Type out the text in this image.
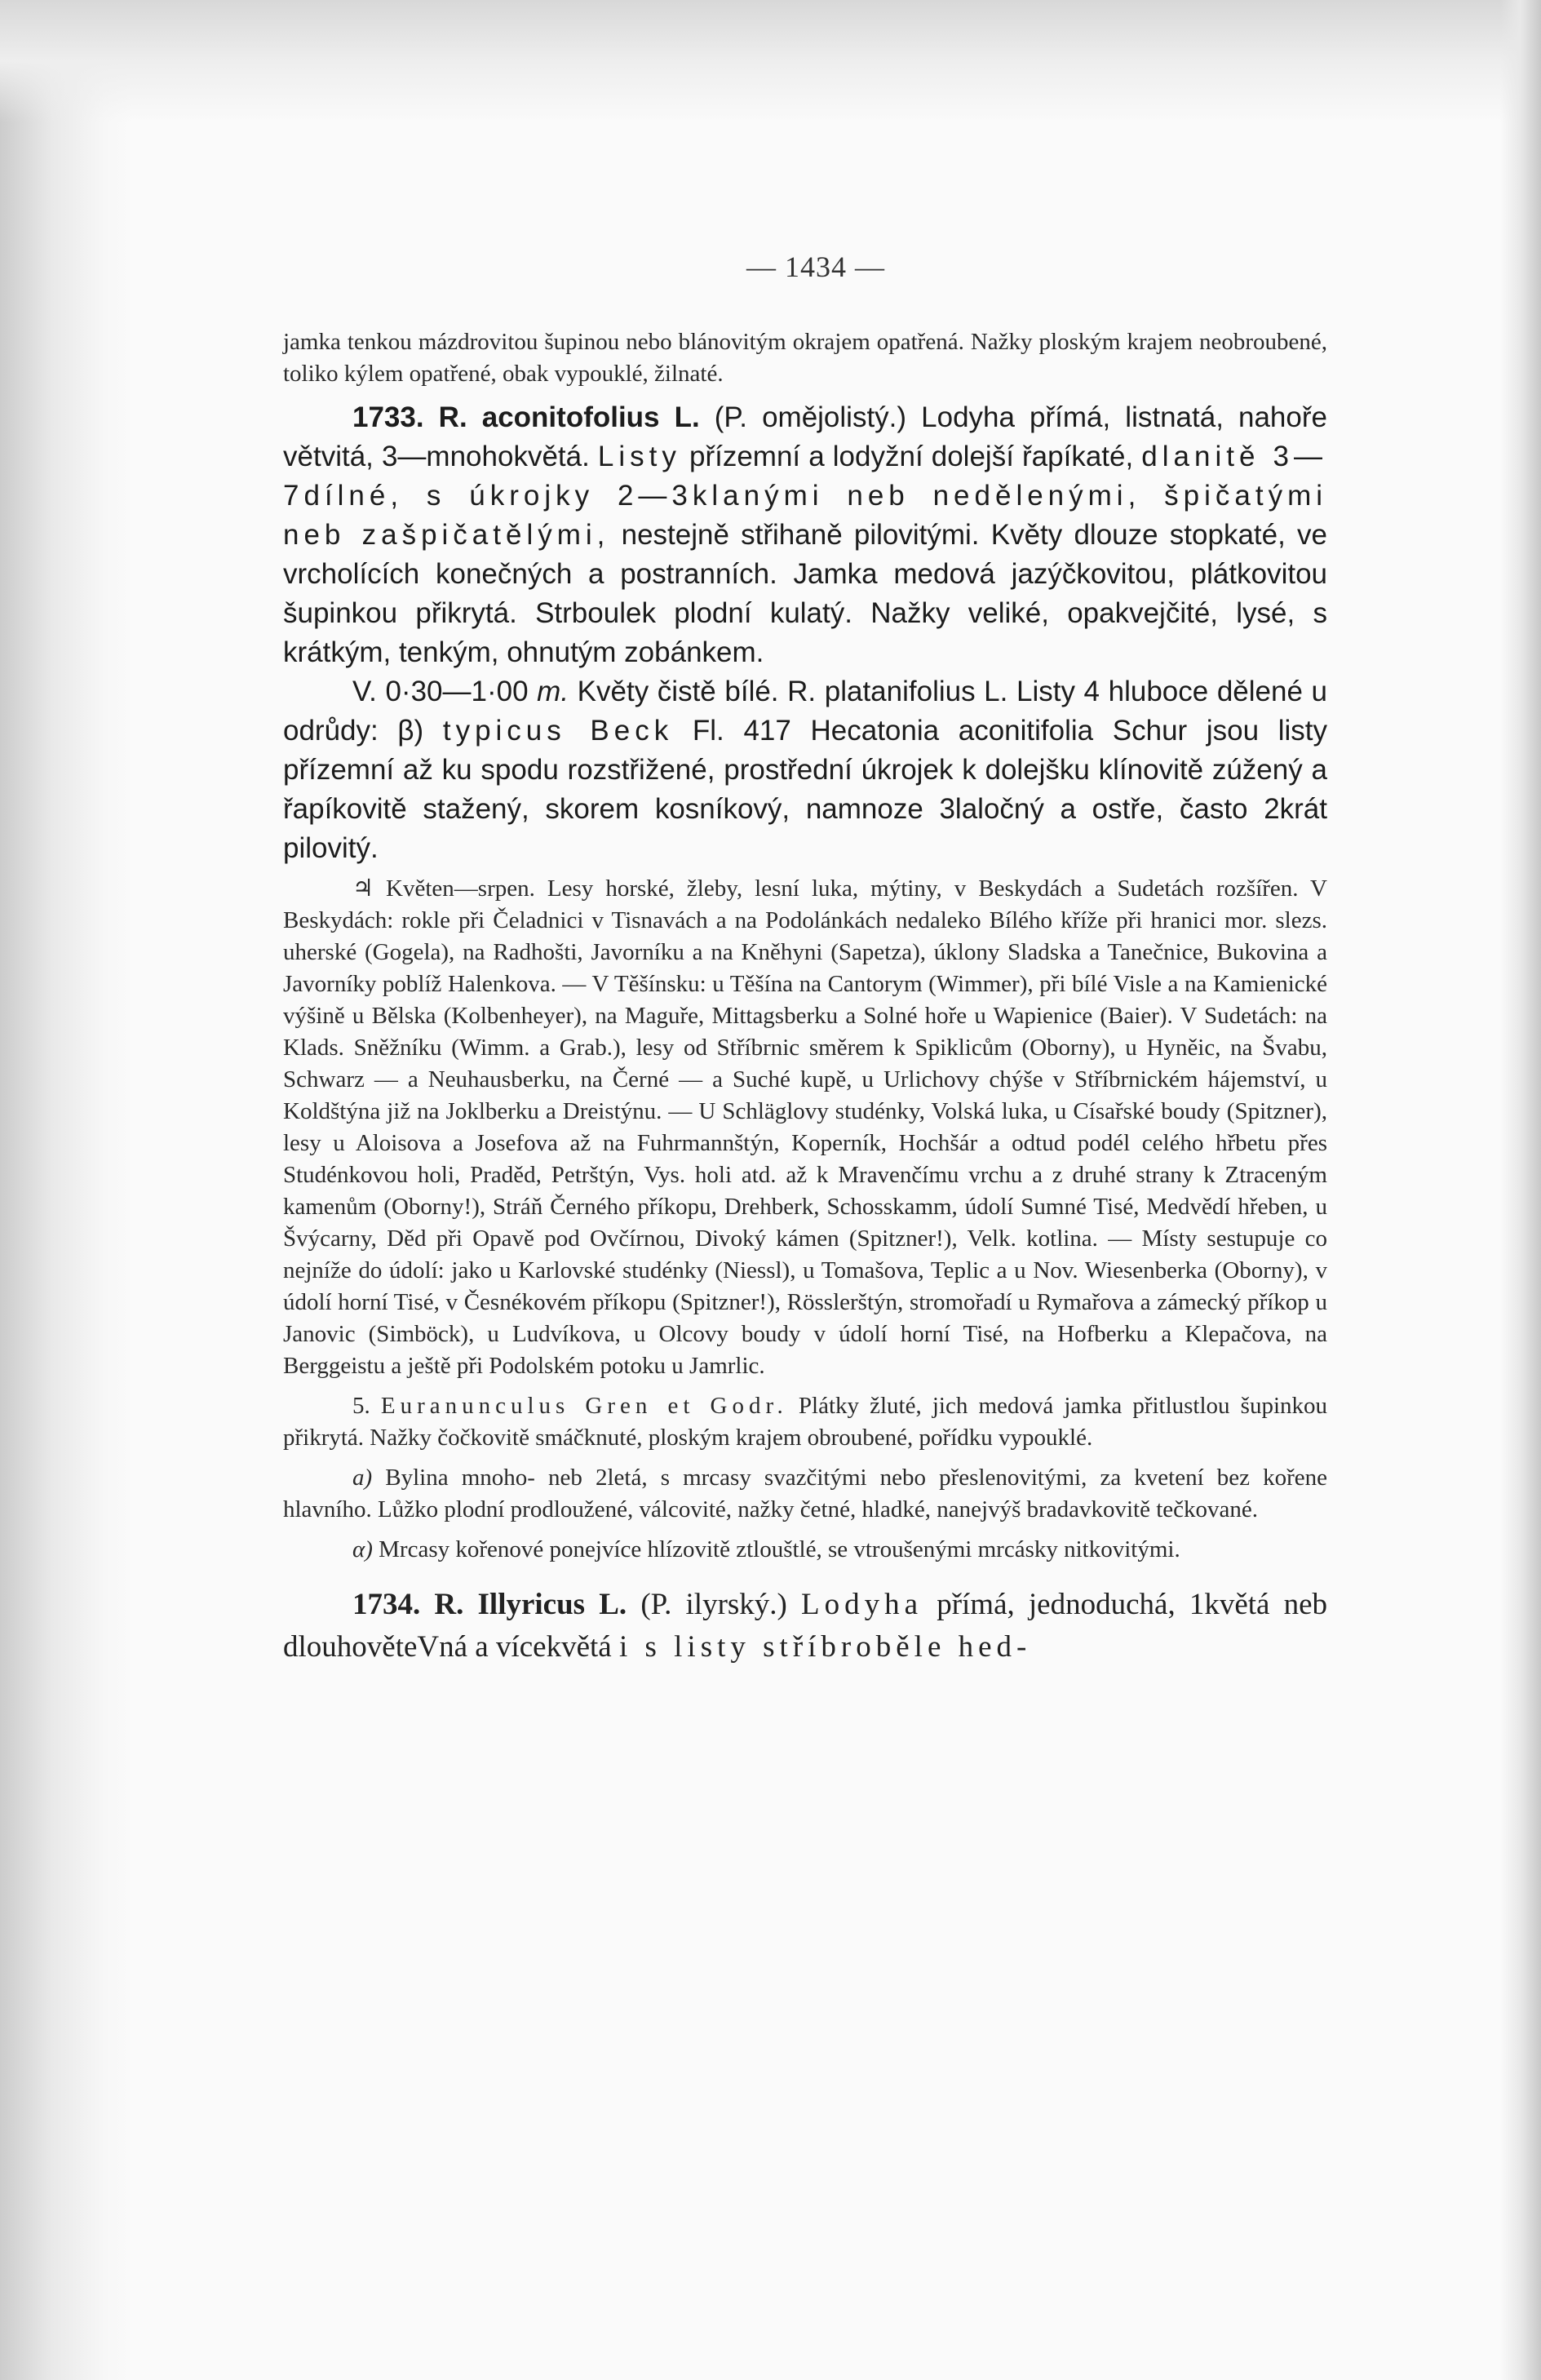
— 1434 —

jamka tenkou mázdrovitou šupinou nebo blánovitým okrajem opatřená. Nažky ploským krajem neobroubené, toliko kýlem opatřené, obak vypouklé, žilnaté.

1733. R. aconitofolius L. (P. omějolistý.) Lodyha přímá, listnatá, nahoře větvitá, 3—mnohokvětá. Listy přízemní a lodyžní dolejší řapíkaté, dlanitě 3—7dílné, s úkrojky 2—3klanými neb nedělenými, špičatými neb zašpičatělými, nestejně střihaně pilovitými. Květy dlouze stopkaté, ve vrcholících konečných a postranních. Jamka medová jazýčkovitou, plátkovitou šupinkou přikrytá. Strboulek plodní kulatý. Nažky veliké, opakvejčité, lysé, s krátkým, tenkým, ohnutým zobánkem.

V. 0·30—1·00 m. Květy čistě bílé. R. platanifolius L. Listy 4 hluboce dělené u odrůdy: β) typicus Beck Fl. 417 Hecatonia aconitifolia Schur jsou listy přízemní až ku spodu rozstřižené, prostřední úkrojek k dolejšku klínovitě zúžený a řapíkovitě stažený, skorem kosníkový, namnoze 3laločný a ostře, často 2krát pilovitý.

♃ Květen—srpen. Lesy horské, žleby, lesní luka, mýtiny, v Beskydách a Sudetách rozšířen. V Beskydách: rokle při Čeladnici v Tisnavách a na Podolánkách nedaleko Bílého kříže při hranici mor. slezs. uherské (Gogela), na Radhošti, Javorníku a na Kněhyni (Sapetza), úklony Sladska a Tanečnice, Bukovina a Javorníky poblíž Halenkova. — V Těšínsku: u Těšína na Cantorym (Wimmer), při bílé Visle a na Kamienické výšině u Bělska (Kolbenheyer), na Maguře, Mittagsberku a Solné hoře u Wapienice (Baier). V Sudetách: na Klads. Sněžníku (Wimm. a Grab.), lesy od Stříbrnic směrem k Spiklicům (Oborny), u Hyněic, na Švabu, Schwarz — a Neuhausberku, na Černé — a Suché kupě, u Urlichovy chýše v Stříbrnickém hájemství, u Koldštýna již na Joklberku a Dreistýnu. — U Schläglovy studénky, Volská luka, u Císařské boudy (Spitzner), lesy u Aloisova a Josefova až na Fuhrmannštýn, Koperník, Hochšár a odtud podél celého hřbetu přes Studénkovou holi, Praděd, Petrštýn, Vys. holi atd. až k Mravenčímu vrchu a z druhé strany k Ztraceným kamenům (Oborny!), Stráň Černého příkopu, Drehberk, Schosskamm, údolí Sumné Tisé, Medvědí hřeben, u Švýcarny, Děd při Opavě pod Ovčírnou, Divoký kámen (Spitzner!), Velk. kotlina. — Místy sestupuje co nejníže do údolí: jako u Karlovské studénky (Niessl), u Tomašova, Teplic a u Nov. Wiesenberka (Oborny), v údolí horní Tisé, v Česnékovém příkopu (Spitzner!), Rösslerštýn, stromořadí u Rymařova a zámecký příkop u Janovic (Simböck), u Ludvíkova, u Olcovy boudy v údolí horní Tisé, na Hofberku a Klepačova, na Berggeistu a ještě při Podolském potoku u Jamrlic.

5. Euranunculus Gren et Godr. Plátky žluté, jich medová jamka přitlustlou šupinkou přikrytá. Nažky čočkovitě smáčknuté, ploským krajem obroubené, pořídku vypouklé.

a) Bylina mnoho- neb 2letá, s mrcasy svazčitými nebo přeslenovitými, za kvetení bez kořene hlavního. Lůžko plodní prodloužené, válcovité, nažky četné, hladké, nanejvýš bradavkovitě tečkované.

α) Mrcasy kořenové ponejvíce hlízovitě ztlouštlé, se vtroušenými mrcásky nitkovitými.

1734. R. Illyricus L. (P. ilyrský.) Lodyha přímá, jednoduchá, 1květá neb dlouhověteVná a vícekvětá i s listy stříbroběle hed-
